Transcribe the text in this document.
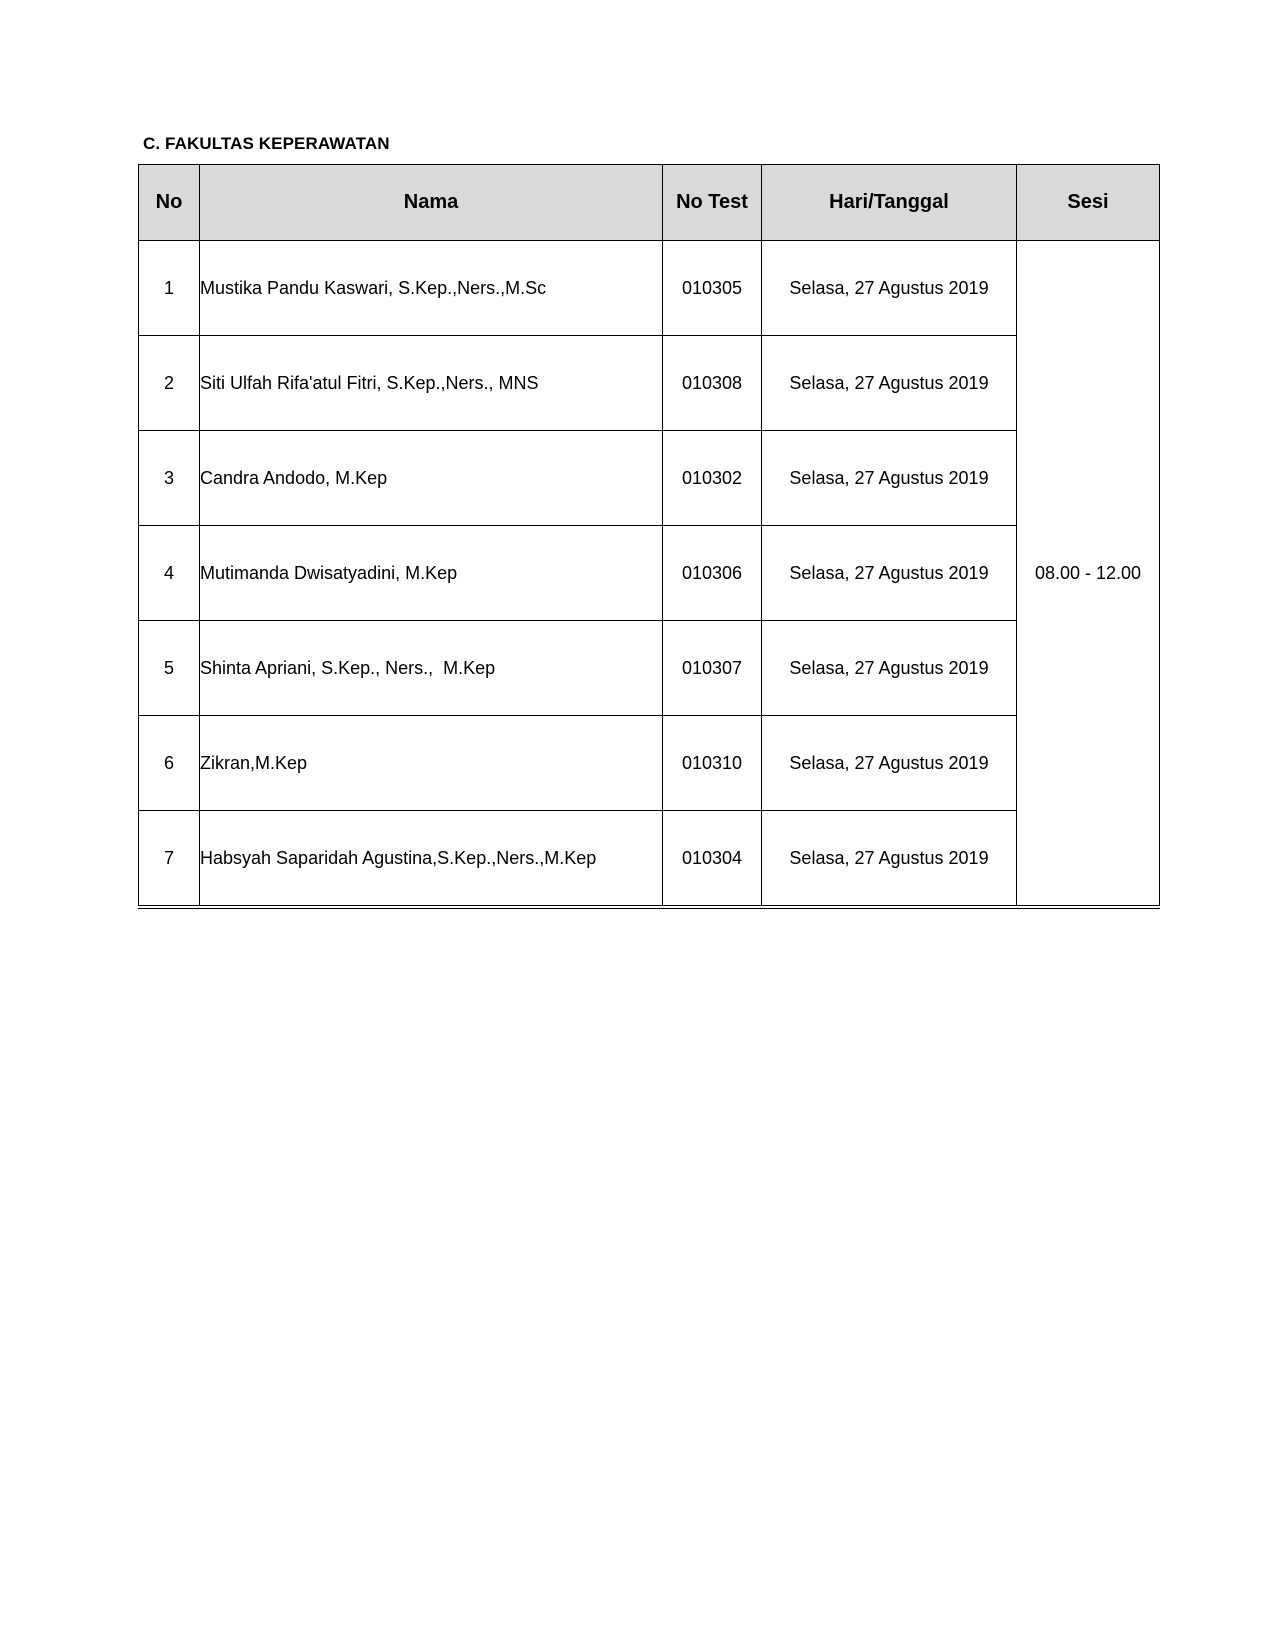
C. FAKULTAS KEPERAWATAN
No	Nama	No Test	Hari/Tanggal	Sesi
1	Mustika Pandu Kaswari, S.Kep.,Ners.,M.Sc	010305	Selasa, 27 Agustus 2019	08.00 - 12.00
2	Siti Ulfah Rifa'atul Fitri, S.Kep.,Ners., MNS	010308	Selasa, 27 Agustus 2019	
3	Candra Andodo, M.Kep	010302	Selasa, 27 Agustus 2019	
4	Mutimanda Dwisatyadini, M.Kep	010306	Selasa, 27 Agustus 2019	
5	Shinta Apriani, S.Kep., Ners.,  M.Kep	010307	Selasa, 27 Agustus 2019	
6	Zikran,M.Kep	010310	Selasa, 27 Agustus 2019	
7	Habsyah Saparidah Agustina,S.Kep.,Ners.,M.Kep	010304	Selasa, 27 Agustus 2019	
